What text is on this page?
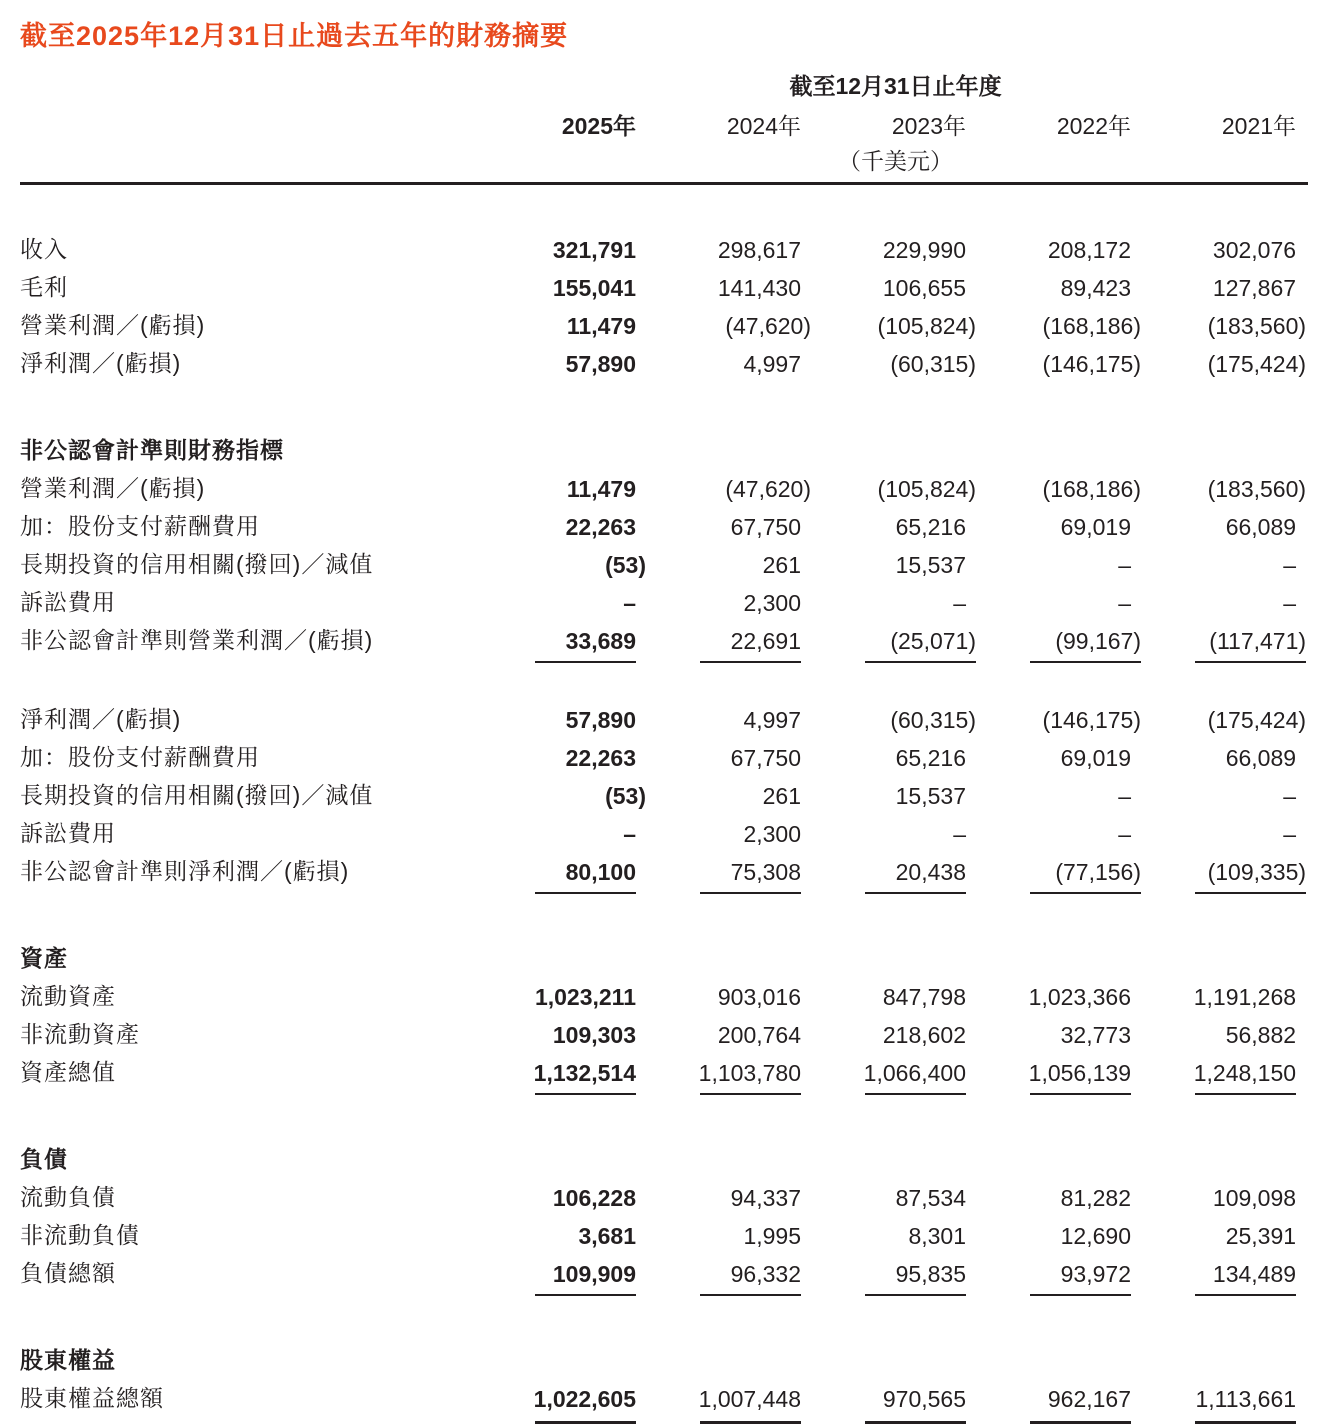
截至2025年12月31日止過去五年的財務摘要
	截至12月31日止年度				
	2025年	2024年	2023年	2022年	2021年
	（千美元）				

收入	321,791	298,617	229,990	208,172	302,076
毛利	155,041	141,430	106,655	89,423	127,867
營業利潤／(虧損)	11,479	(47,620)	(105,824)	(168,186)	(183,560)
淨利潤／(虧損)	57,890	4,997	(60,315)	(146,175)	(175,424)

非公認會計準則財務指標					
營業利潤／(虧損)	11,479	(47,620)	(105,824)	(168,186)	(183,560)
加：股份支付薪酬費用	22,263	67,750	65,216	69,019	66,089
長期投資的信用相關(撥回)／減值	(53)	261	15,537	–	–
訴訟費用	–	2,300	–	–	–
非公認會計準則營業利潤／(虧損)	33,689	22,691	(25,071)	(99,167)	(117,471)

淨利潤／(虧損)	57,890	4,997	(60,315)	(146,175)	(175,424)
加：股份支付薪酬費用	22,263	67,750	65,216	69,019	66,089
長期投資的信用相關(撥回)／減值	(53)	261	15,537	–	–
訴訟費用	–	2,300	–	–	–
非公認會計準則淨利潤／(虧損)	80,100	75,308	20,438	(77,156)	(109,335)

資產					
流動資產	1,023,211	903,016	847,798	1,023,366	1,191,268
非流動資產	109,303	200,764	218,602	32,773	56,882
資產總值	1,132,514	1,103,780	1,066,400	1,056,139	1,248,150

負債					
流動負債	106,228	94,337	87,534	81,282	109,098
非流動負債	3,681	1,995	8,301	12,690	25,391
負債總額	109,909	96,332	95,835	93,972	134,489

股東權益					
股東權益總額	1,022,605	1,007,448	970,565	962,167	1,113,661
